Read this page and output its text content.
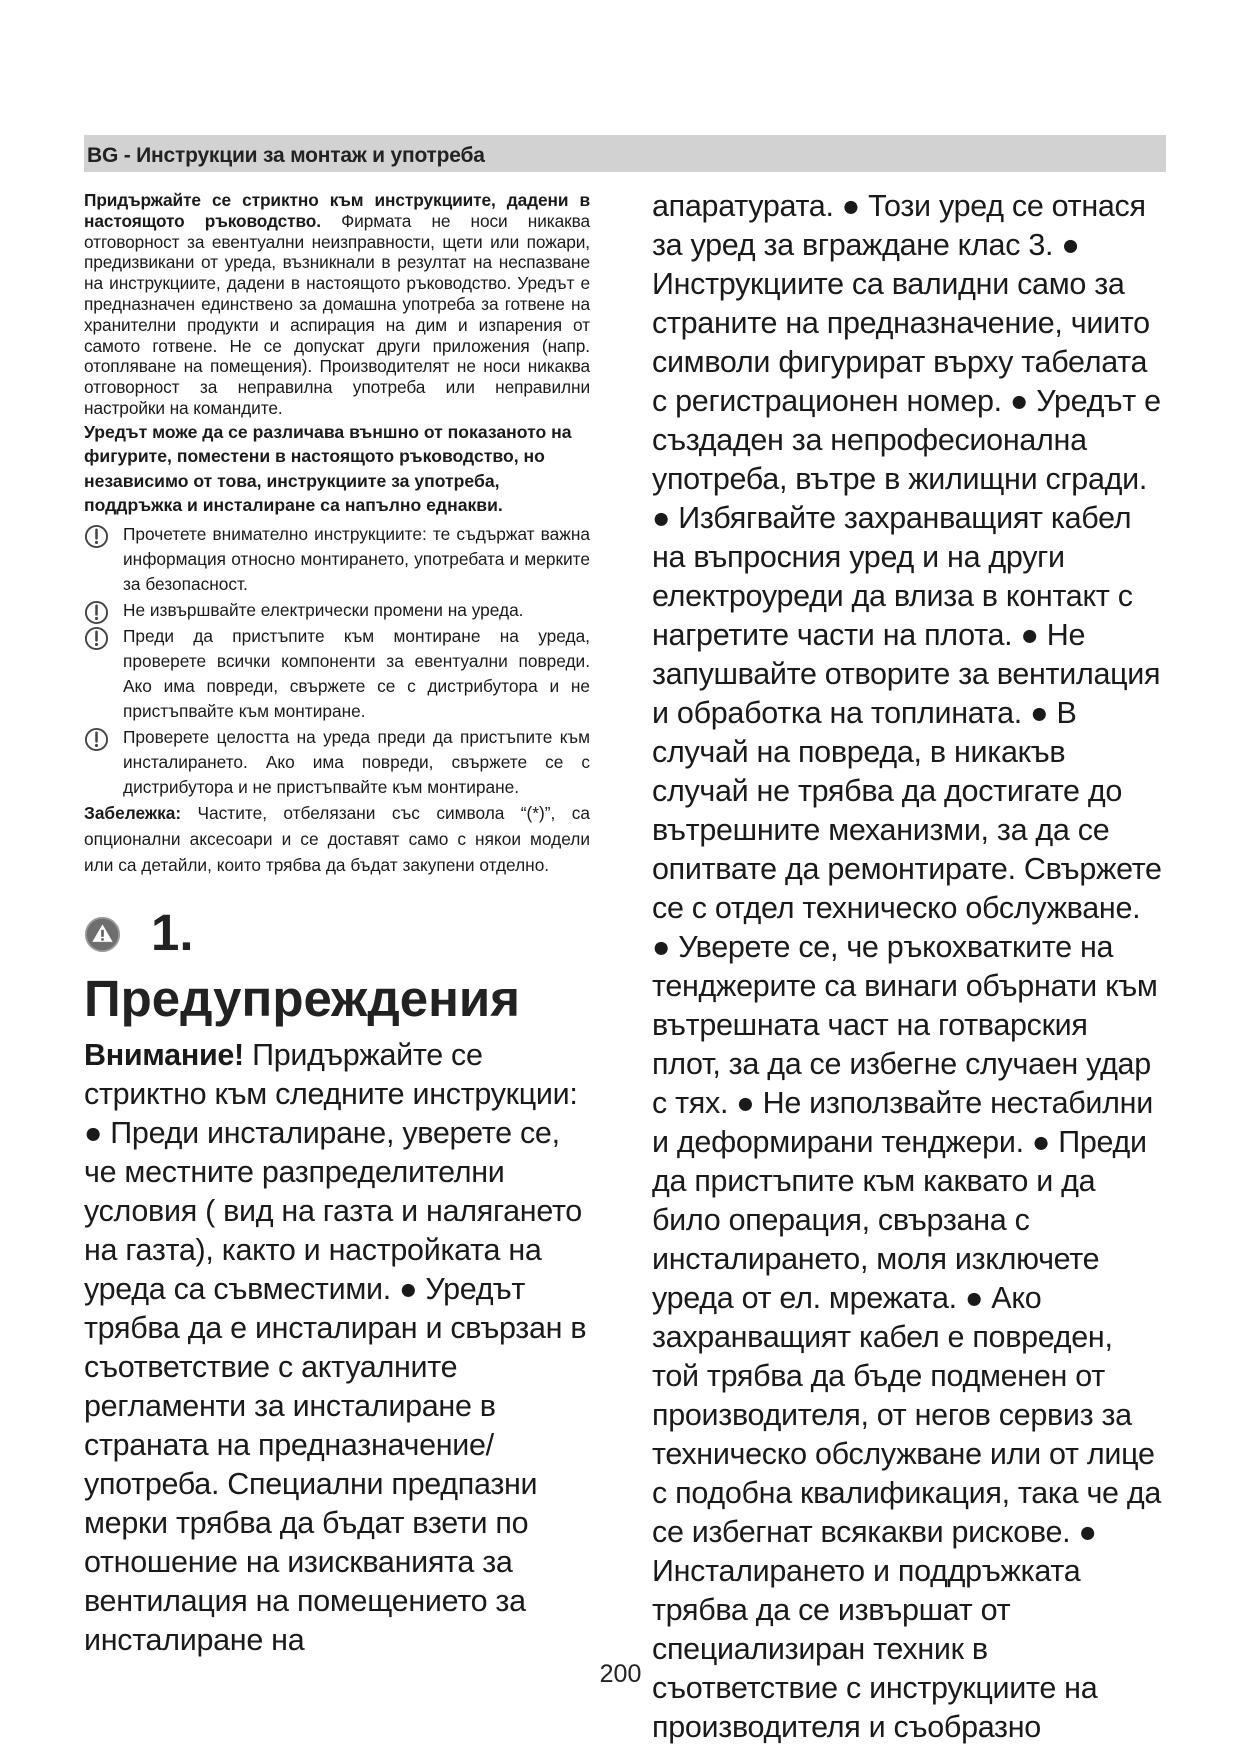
BG - Инструкции за монтаж и употреба
Придържайте се стриктно към инструкциите, дадени в настоящото ръководство. Фирмата не носи никаква отговорност за евентуални неизправности, щети или пожари, предизвикани от уреда, възникнали в резултат на неспазване на инструкциите, дадени в настоящото ръководство. Уредът е предназначен единствено за домашна употреба за готвене на хранителни продукти и аспирация на дим и изпарения от самото готвене. Не се допускат други приложения (напр. отопляване на помещения). Производителят не носи никаква отговорност за неправилна употреба или неправилни настройки на командите.
Уредът може да се различава външно от показаното на фигурите, поместени в настоящото ръководство, но независимо от това, инструкциите за употреба, поддръжка и инсталиране са напълно еднакви.
Прочетете внимателно инструкциите: те съдържат важна информация относно монтирането, употребата и мерките за безопасност.
Не извършвайте електрически промени на уреда.
Преди да пристъпите към монтиране на уреда, проверете всички компоненти за евентуални повреди. Ако има повреди, свържете се с дистрибутора и не пристъпвайте към монтиране.
Проверете целостта на уреда преди да пристъпите към инсталирането. Ако има повреди, свържете се с дистрибутора и не пристъпвайте към монтиране.
Забележка: Частите, отбелязани със символа “(*)”, са опционални аксесоари и се доставят само с някои модели или са детайли, които трябва да бъдат закупени отделно.
1.
Предупреждения
Внимание! Придържайте се стриктно към следните инструкции: ● Преди инсталиране, уверете се, че местните разпределителни условия ( вид на газта и налягането на газта), както и настройката на уреда са съвместими. ● Уредът трябва да е инсталиран и свързан в съответствие с актуалните регламенти за инсталиране в страната на предназначение/употреба. Специални предпазни мерки трябва да бъдат взети по отношение на изискванията за вентилация на помещението за инсталиране на
апаратурата. ● Този уред се отнася за уред за вграждане клас 3. ● Инструкциите са валидни само за страните на предназначение, чиито символи фигурират върху табелата с регистрационен номер. ● Уредът е създаден за непрофесионална употреба, вътре в жилищни сгради. ● Избягвайте захранващият кабел на въпросния уред и на други електроуреди да влиза в контакт с нагретите части на плота. ● Не запушвайте отворите за вентилация и обработка на топлината. ● В случай на повреда, в никакъв случай не трябва да достигате до вътрешните механизми, за да се опитвате да ремонтирате. Свържете се с отдел техническо обслужване. ● Уверете се, че ръкохватките на тенджерите са винаги обърнати към вътрешната част на готварския плот, за да се избегне случаен удар с тях. ● Не използвайте нестабилни и деформирани тенджери. ● Преди да пристъпите към каквато и да било операция, свързана с инсталирането, моля изключете уреда от ел. мрежата. ● Ако захранващият кабел е повреден, той трябва да бъде подменен от производителя, от негов сервиз за техническо обслужване или от лице с подобна квалификация, така че да се избегнат всякакви рискове. ● Инсталирането и поддръжката трябва да се извършат от специализиран техник в съответствие с инструкциите на производителя и съобразно
200
